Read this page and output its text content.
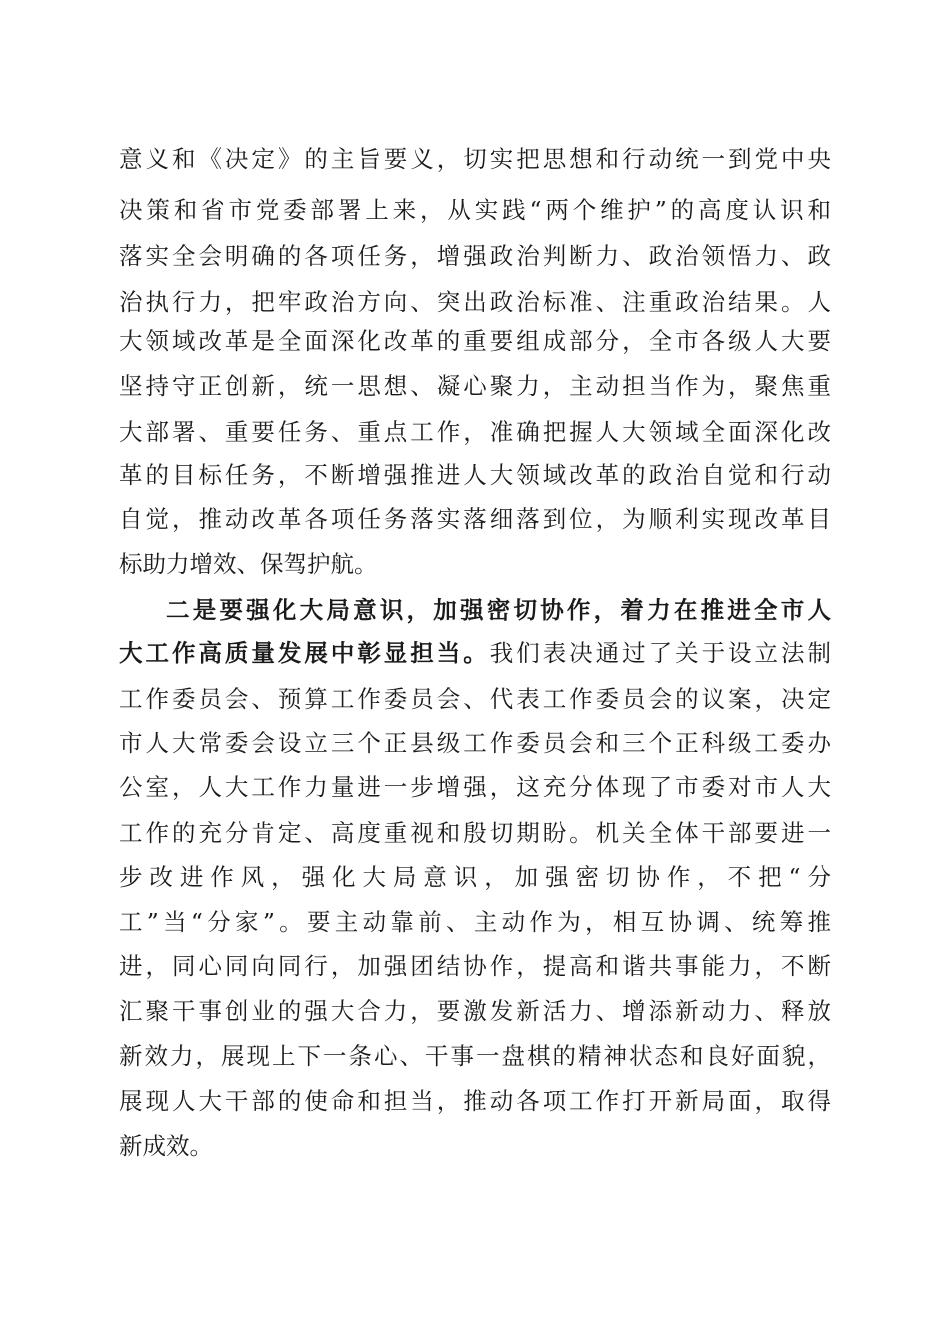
意义和《决定》的主旨要义，切实把思想和行动统一到党中央
决策和省市党委部署上来，从实践“两个维护”的高度认识和
落实全会明确的各项任务，增强政治判断力、政治领悟力、政
治执行力，把牢政治方向、突出政治标准、注重政治结果。人
大领域改革是全面深化改革的重要组成部分，全市各级人大要
坚持守正创新，统一思想、凝心聚力，主动担当作为，聚焦重
大部署、重要任务、重点工作，准确把握人大领域全面深化改
革的目标任务，不断增强推进人大领域改革的政治自觉和行动
自觉，推动改革各项任务落实落细落到位，为顺利实现改革目
标助力增效、保驾护航。
二是要强化大局意识，加强密切协作，着力在推进全市人
大工作高质量发展中彰显担当。我们表决通过了关于设立法制
工作委员会、预算工作委员会、代表工作委员会的议案，决定
市人大常委会设立三个正县级工作委员会和三个正科级工委办
公室，人大工作力量进一步增强，这充分体现了市委对市人大
工作的充分肯定、高度重视和殷切期盼。机关全体干部要进一
步改进作风，强化大局意识，加强密切协作，不把“分
工”当“分家”。要主动靠前、主动作为，相互协调、统筹推
进，同心同向同行，加强团结协作，提高和谐共事能力，不断
汇聚干事创业的强大合力，要激发新活力、增添新动力、释放
新效力，展现上下一条心、干事一盘棋的精神状态和良好面貌，
展现人大干部的使命和担当，推动各项工作打开新局面，取得
新成效。
